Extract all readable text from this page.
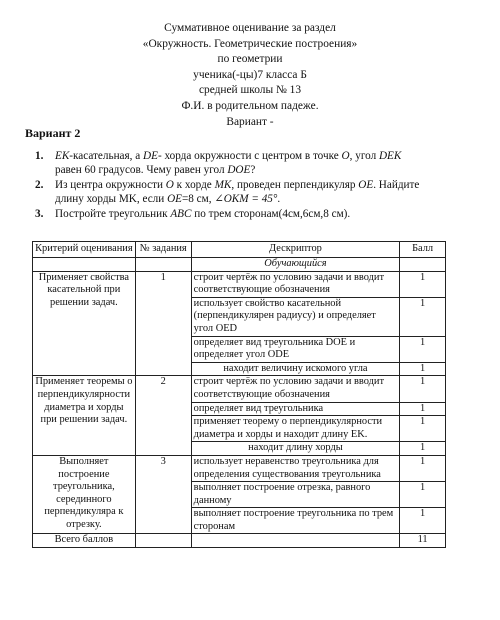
Суммативное оценивание за раздел
«Окружность. Геометрические построения»
по геометрии
ученика(-цы)7 класса Б
средней школы № 13
Ф.И. в родительном падеже.
Вариант -
Вариант 2
1. EK-касательная, а DE- хорда окружности с центром в точке O, угол DEK
равен 60 градусов. Чему равен угол DOE?
2. Из центра окружности O к хорде MK, проведен перпендикуляр OE. Найдите
длину хорды MK, если OE=8 см, ∠OKM = 45°.
3. Постройте треугольник ABC по трем сторонам(4см,6см,8 см).
Критерий оценивания	№ задания	Дескриптор	Балл
		Обучающийся	
Применяет свойства касательной при решении задач.	1	строит чертёж по условию задачи и вводит соответствующие обозначения	1
		использует свойство касательной (перпендикулярен радиусу) и определяет угол OED	1
		определяет вид треугольника DOE и определяет угол ODE	1
		находит величину искомого угла	1
Применяет теоремы о перпендикулярности диаметра и хорды при решении задач.	2	строит чертёж по условию задачи и вводит соответствующие обозначения	1
		определяет вид треугольника	1
		применяет теорему о перпендикулярности диаметра и хорды и находит длину EK.	1
		находит длину хорды	1
Выполняет построение треугольника, серединного перпендикуляра к отрезку.	3	использует неравенство треугольника для определения существования треугольника	1
		выполняет построение отрезка, равного данному	1
		выполняет построение треугольника по трем сторонам	1
Всего баллов			11
